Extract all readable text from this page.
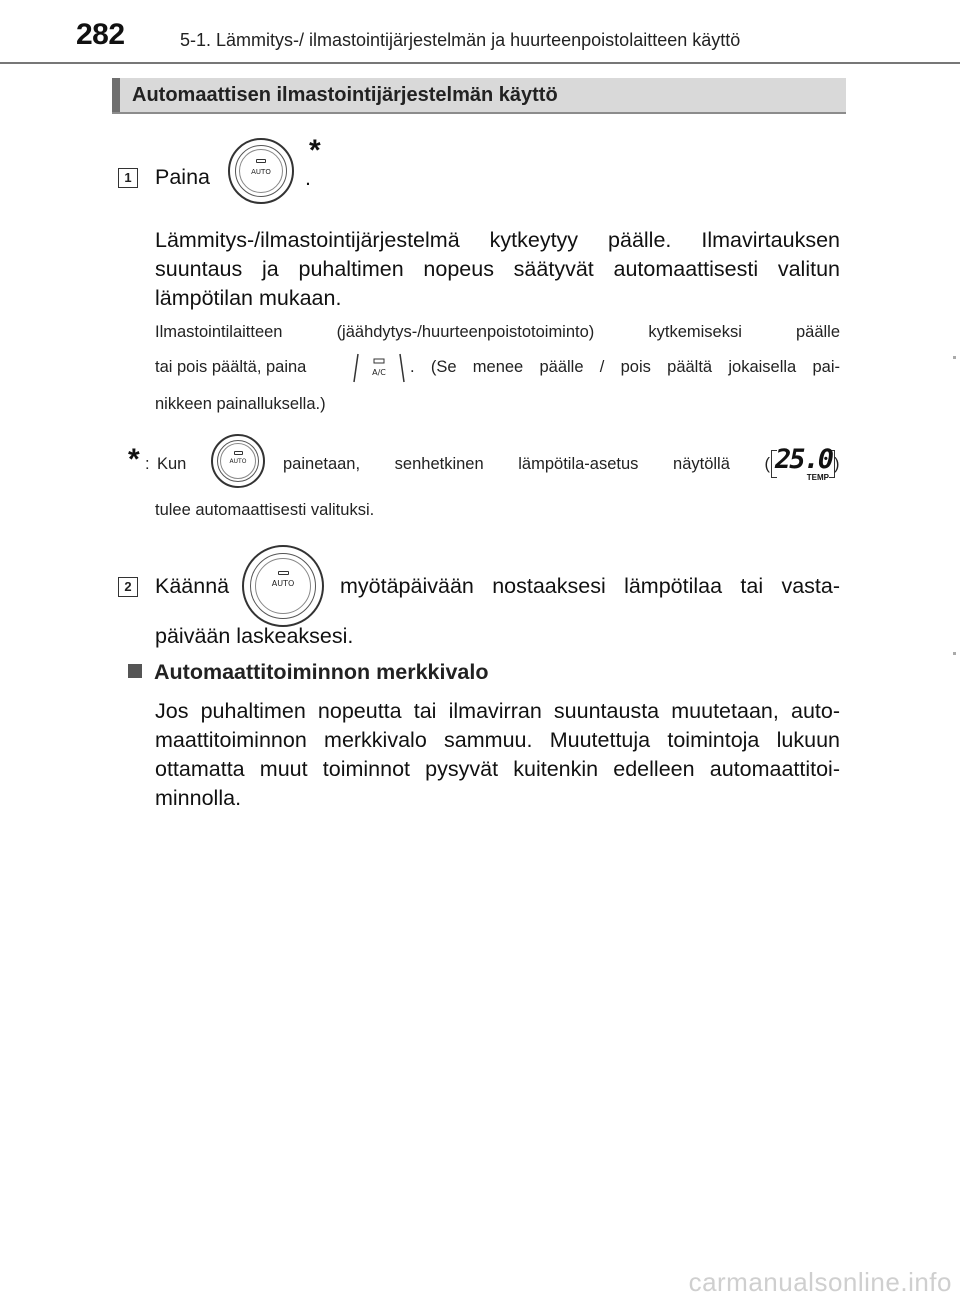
282	5-1. Lämmitys-/ ilmastointijärjestelmän ja huurteenpoistolaitteen käyttö
Automaattisen ilmastointijärjestelmän käyttö
1 Paina	AUTO
*
.
Lämmitys-/ilmastointijärjestelmä kytkeytyy päälle. Ilmavirtauksen
suuntaus ja puhaltimen nopeus säätyvät automaattisesti valitun
lämpötilan mukaan.
Ilmastointilaitteen (jäähdytys-/huurteenpoistotoiminto) kytkemiseksi päälle
tai pois päältä, paina	A/C . (Se menee päälle / pois päältä jokaisella pai-
nikkeen painalluksella.)
* : Kun	AUTO	painetaan, senhetkinen lämpötila-asetus näytöllä ( 25.0
TEMP
)
tulee automaattisesti valituksi.
2 Käännä	AUTO	myötäpäivään nostaaksesi lämpötilaa tai vasta-
päivään laskeaksesi.
Automaattitoiminnon merkkivalo
Jos puhaltimen nopeutta tai ilmavirran suuntausta muutetaan, auto-
maattitoiminnon merkkivalo sammuu. Muutettuja toimintoja lukuun
ottamatta muut toiminnot pysyvät kuitenkin edelleen automaattitoi-
minnolla.
carmanualsonline.info
